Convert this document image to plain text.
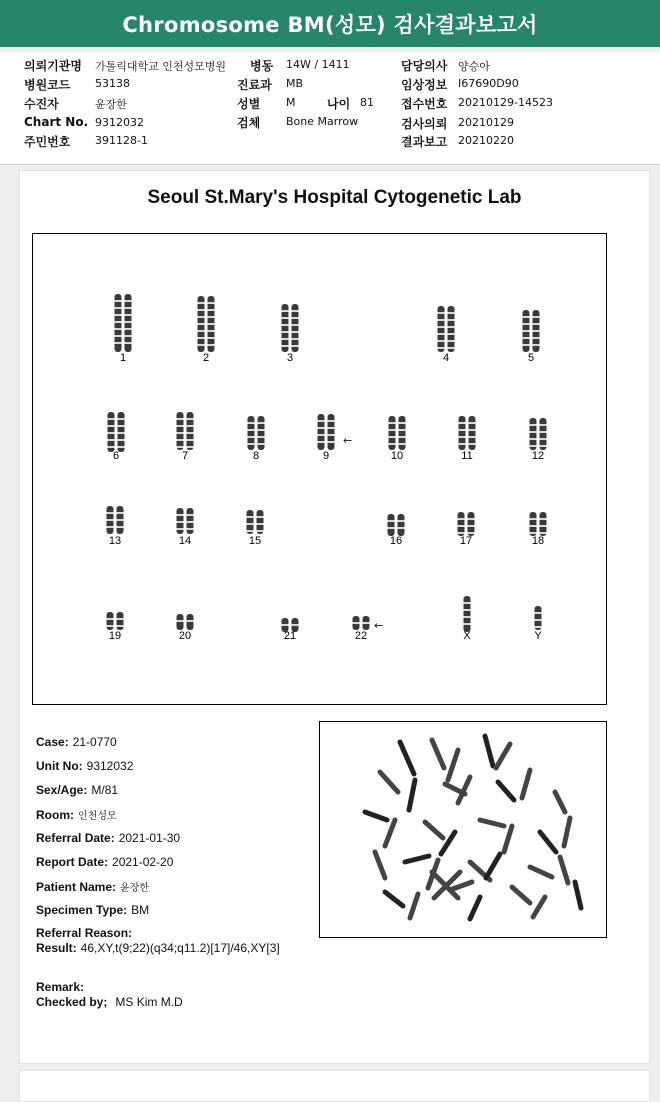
Chromosome BM(성모) 검사결과보고서
의뢰기관명 가톨릭대학교 인천성모병원 병동 14W / 1411	담당의사 양승아
병원코드 53138	진료과 MB	임상정보 I67690D90
수진자	윤장한	성별 M	나이 81 접수번호 20210129-14523
Chart No. 9312032	검체 Bone Marrow	검사의뢰 20210129
주민번호 391128-1	결과보고 20210220
Seoul St.Mary's Hospital Cytogenetic Lab
1	2	3	4	5
6	7	8	9	10	11	12
13	14	15	16	17	18
19	20	21	22	X	Y
←
←
Case: 21-0770
Unit No: 9312032
Sex/Age: M/81
Room: 인천성모
Referral Date: 2021-01-30
Report Date: 2021-02-20
Patient Name: 윤장한
Specimen Type: BM
Referral Reason:
Result: 46,XY,t(9;22)(q34;q11.2)[17]/46,XY[3]
Remark:
Checked by; MS Kim M.D
